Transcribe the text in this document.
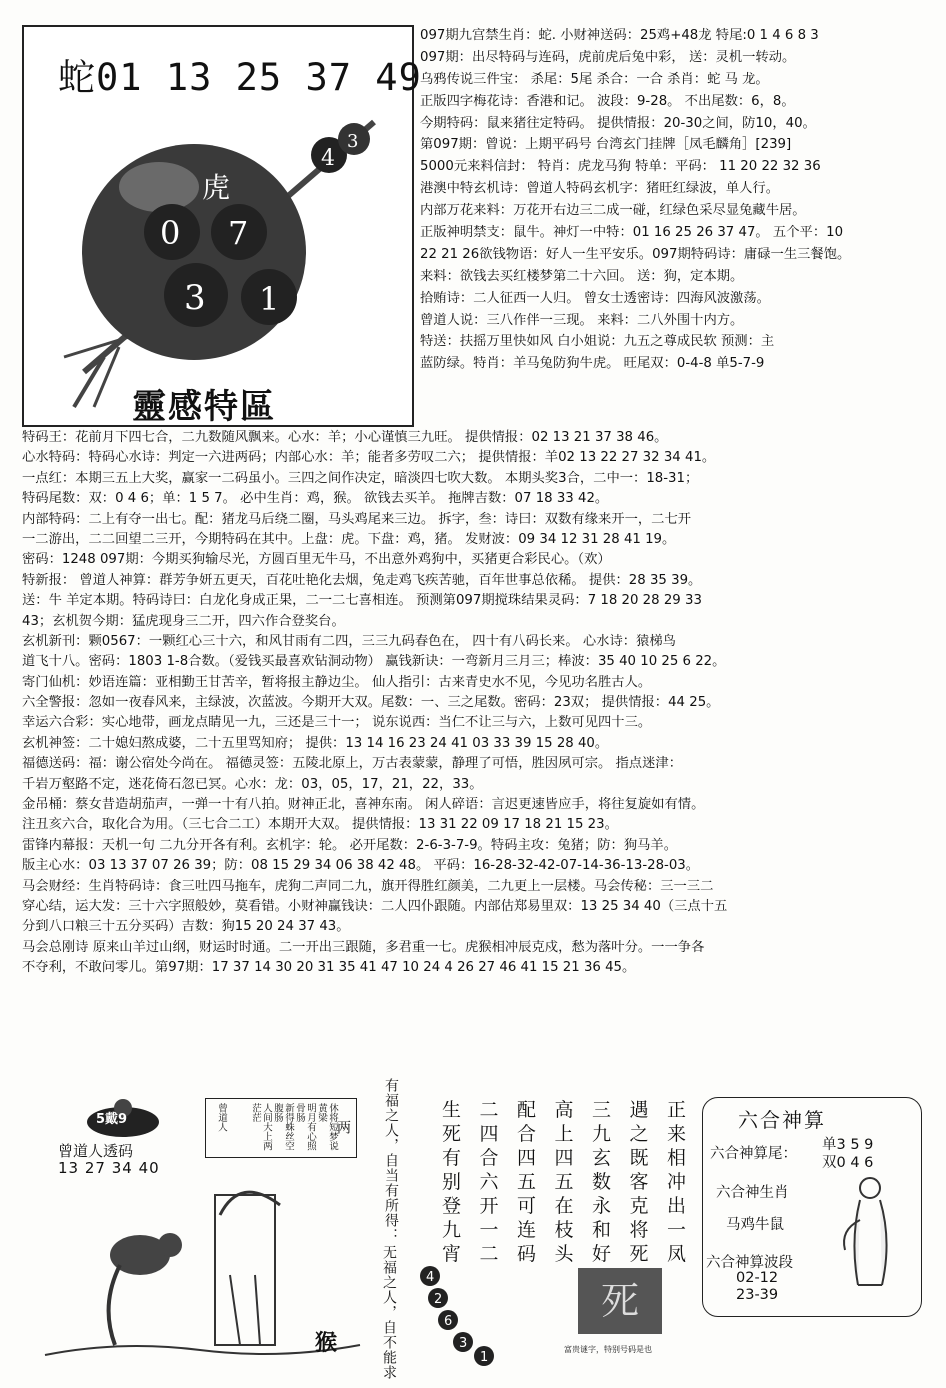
蛇01 13 25 37 49
虎
0 7
3 1
4
3
靈感特區
097期九宫禁生肖：蛇. 小财神送码：25鸡+48龙 特尾:0 1 4 6 8 3
097期：出尽特码与连码，虎前虎后兔中彩， 送：灵机一转动。
乌鸦传说三件宝： 杀尾：5尾 杀合：一合 杀肖：蛇 马 龙。
正版四字梅花诗：香港和记。 波段：9-28。 不出尾数：6，8。
今期特码：鼠来猪往定特码。 提供情报：20-30之间，防10，40。
第097期：曾说：上期平码号 台湾玄门挂牌［凤毛麟角］[239]
5000元来料信封： 特肖：虎龙马狗 特单：平码： 11 20 22 32 36
港澳中特玄机诗：曾道人特码玄机字：猪旺红绿波，单人行。
内部万花来料：万花开右边三二成一碰，红绿色采尽显兔藏牛居。
正版神明禁支：鼠牛。神灯一中特：01 16 25 26 37 47。 五个平：10
22 21 26欲钱物语：好人一生平安乐。097期特码诗：庸碌一生三餐饱。
来料：欲钱去买红楼梦第二十六回。 送：狗，定本期。
拾贿诗：二人征西一人归。 曾女士透密诗：四海风波激荡。
曾道人说：三八作伴一三现。 来料：二八外围十内方。
特送：扶摇万里快如风 白小姐说：九五之尊成民软 预测：主
蓝防绿。特肖：羊马兔防狗牛虎。 旺尾双：0-4-8 单5-7-9
特码王：花前月下四七合，二九数随风飘来。心水：羊；小心谨慎三九旺。 提供情报：02 13 21 37 38 46。
心水特码：特码心水诗：判定一六进两码；内部心水：羊；能者多劳叹二六； 提供情报：羊02 13 22 27 32 34 41。
一点红：本期三五上大奖，赢家一二码虽小。三四之间作决定，暗淡四七吹大数。 本期头奖3合，二中一：18-31；
特码尾数：双：0 4 6；单：1 5 7。 必中生肖：鸡，猴。 欲钱去买羊。 拖牌吉数：07 18 33 42。
内部特码：二上有夺一出七。配：猪龙马后绕二圈，马头鸡尾来三边。 拆字，叁：诗曰：双数有缘来开一，二七开
一二游出，二二回望二三开，今期特码在其中。上盘：虎。下盘：鸡，猪。 发财波：09 34 12 31 28 41 19。
密码：1248 097期：今期买狗输尽光，方圆百里无牛马，不出意外鸡狗中，买猪更合彩民心。（欢）
特新报： 曾道人神算：群芳争妍五更天，百花吐艳化去烟，兔走鸡飞疾苦驰，百年世事总依稀。 提供：28 35 39。
送：牛 羊定本期。特码诗曰：白龙化身成正果，二一二七喜相连。 预测第097期搅珠结果灵码：7 18 20 28 29 33
43；玄机贺今期：猛虎现身三二开，四六作合登奖台。
玄机新刊：颗0567：一颗红心三十六，和风甘雨有二四，三三九码春色在， 四十有八码长来。 心水诗：猿梯鸟
道飞十八。密码：1803 1-8合数。（爱钱买最喜欢钻洞动物） 赢钱新诀：一弯新月三月三；棒波：35 40 10 25 6 22。
寄门仙机：妙语连篇：亚相勤王甘苦辛，暂将报主静边尘。 仙人指引：古来青史水不见，今见功名胜古人。
六全警报：忽如一夜春风来，主绿波，次蓝波。今期开大双。尾数：一、三之尾数。密码：23双； 提供情报：44 25。
幸运六合彩：实心地带，画龙点睛见一九，三还是三十一； 说东说西：当仁不让三与六，上数可见四十三。
玄机神签：二十媳妇熬成婆，二十五里骂知府； 提供：13 14 16 23 24 41 03 33 39 15 28 40。
福德送码：福：谢公宿处今尚在。 福德灵签：五陵北原上，万古表蒙蒙，静理了可悟，胜因夙可宗。 指点迷津：
千岩万壑路不定，迷花倚石忽已冥。心水：龙：03，05，17，21，22，33。
金吊桶：蔡女昔造胡茄声，一弹一十有八拍。财神正北，喜神东南。 闲人碎语：言迟更速皆应手，将往复旋如有情。
注丑亥六合，取化合为用。（三七合二工）本期开大双。 提供情报：13 31 22 09 17 18 21 15 23。
雷锋内幕报：天机一句 二九分开各有利。玄机字：轮。 必开尾数：2-6-3-7-9。特码主攻：兔猪；防：狗马羊。
版主心水：03 13 37 07 26 39；防：08 15 29 34 06 38 42 48。 平码：16-28-32-42-07-14-36-13-28-03。
马会财经：生肖特码诗：食三吐四马拖车，虎狗二声同二九，旗开得胜红颜美，二九更上一层楼。马会传秘：三一三二
穿心结，运大发：三十六字照般妙，莫看错。小财神赢钱诀：二人四仆跟随。内部估郑易里双：13 25 34 40（三点十五
分到八口粮三十五分买码）吉数：狗15 20 24 37 43。
马会总刚诗 原来山羊过山纲，财运时时通。二一开出三跟随，多君重一七。虎猴相冲辰克戍，愁为落叶分。一一争各
不夺利，不敢问零儿。第97期：17 37 14 30 20 31 35 41 47 10 24 4 26 27 46 41 15 21 36 45。
5戴9
曾道人透码
13 27 34 40
休将短梦说黄梁
明月有心照骨肠
新得蛛丝空腹肠
人间大上两茫茫
曾道人	两
猴
有福之人，自当有所得：
无福之人，自不能求
生 二 配 高 三 遇 正
死 四 合 上 九 之 来
有 合 四 四 玄 既 相
别 六 五 五 数 客 冲
登 开 可 在 永 克 出
九 一 连 枝 和 将 一
宵 二 码 头 好 死 凤
4
2
6
3
1
死
富贵谜字，特别号码是也
六合神算
六合神算尾：
单3 5 9
双0 4 6
六合神生肖
马鸡牛鼠
六合神算波段
02-12
23-39
